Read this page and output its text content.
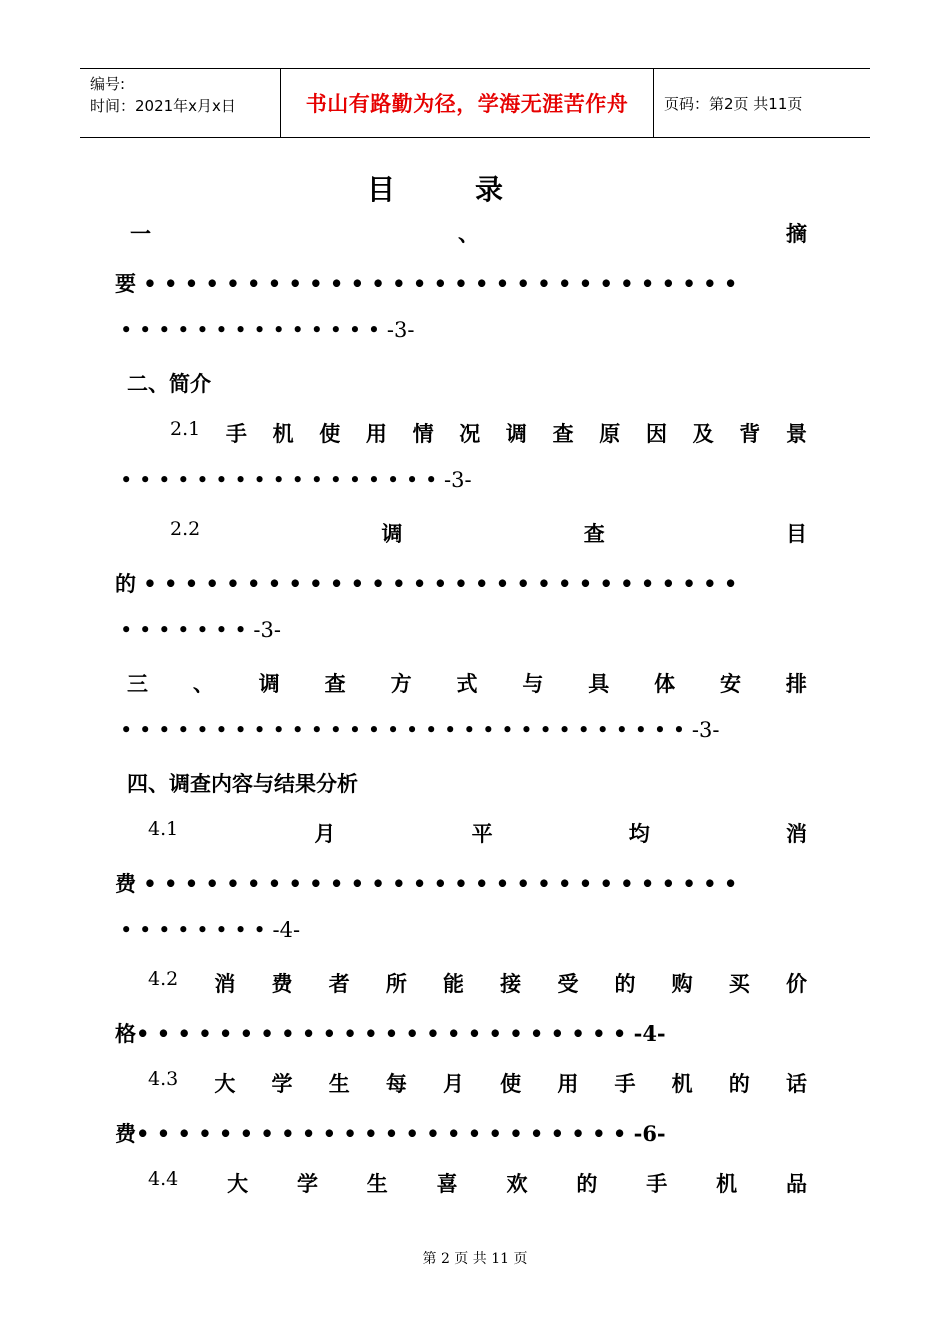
编号:
时间：2021年x月x日	书山有路勤为径，学海无涯苦作舟 页码：第2页 共11页
目录
一	、	摘
要 • • • • • • • • • • • • • • • • • • • • • • • • • • • • •
• • • • • • • • • • • • • • -3-
二、简介
2.1 手 机 使 用 情 况 调 查 原 因 及 背 景
• • • • • • • • • • • • • • • • • -3-
2.2	调	查	目
的 • • • • • • • • • • • • • • • • • • • • • • • • • • • • •
• • • • • • • -3-
三 、 调 查 方 式 与 具 体 安 排
• • • • • • • • • • • • • • • • • • • • • • • • • • • • • • -3-
四、调查内容与结果分析
4.1	月	平	均	消
费 • • • • • • • • • • • • • • • • • • • • • • • • • • • • •
• • • • • • • • -4-
4.2 消 费 者 所 能 接 受 的 购 买 价
格• • • • • • • • • • • • • • • • • • • • • • • • -4-
4.3 大 学 生 每 月 使 用 手 机 的 话
费• • • • • • • • • • • • • • • • • • • • • • • • -6-
4.4 大 学 生 喜 欢 的 手 机 品
第 2 页 共 11 页
